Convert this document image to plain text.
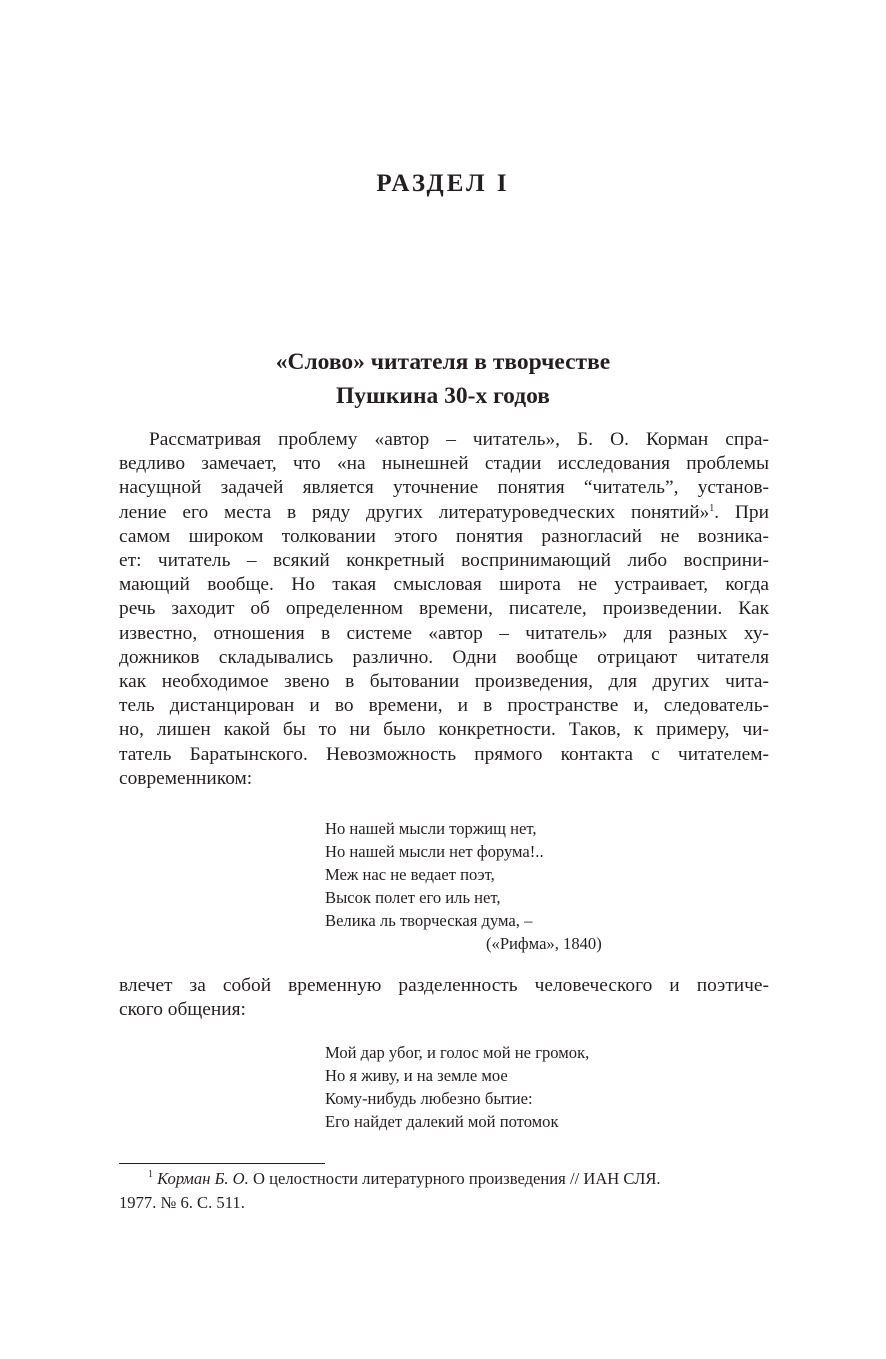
РАЗДЕЛ I
«Слово» читателя в творчестве
Пушкина 30-х годов
Рассматривая проблему «автор – читатель», Б. О. Корман спра-
ведливо замечает, что «на нынешней стадии исследования проблемы
насущной задачей является уточнение понятия “читатель”, установ-
ление его места в ряду других литературоведческих понятий»$^1$. При
самом широком толковании этого понятия разногласий не возника-
ет: читатель – всякий конкретный воспринимающий либо восприни-
мающий вообще. Но такая смысловая широта не устраивает, когда
речь заходит об определенном времени, писателе, произведении. Как
известно, отношения в системе «автор – читатель» для разных ху-
дожников складывались различно. Одни вообще отрицают читателя
как необходимое звено в бытовании произведения, для других чита-
тель дистанцирован и во времени, и в пространстве и, следователь-
но, лишен какой бы то ни было конкретности. Таков, к примеру, чи-
татель Баратынского. Невозможность прямого контакта с читателем-
современником:
Но нашей мысли торжищ нет,
Но нашей мысли нет форума!..
Меж нас не ведает поэт,
Высок полет его иль нет,
Велика ль творческая дума, –
(«Рифма», 1840)
влечет за собой временную разделенность человеческого и поэтиче-
ского общения:
Мой дар убог, и голос мой не громок,
Но я живу, и на земле мое
Кому-нибудь любезно бытие:
Его найдет далекий мой потомок
$^1$ Корман Б. О. О целостности литературного произведения // ИАН СЛЯ.
1977. № 6. С. 511.
